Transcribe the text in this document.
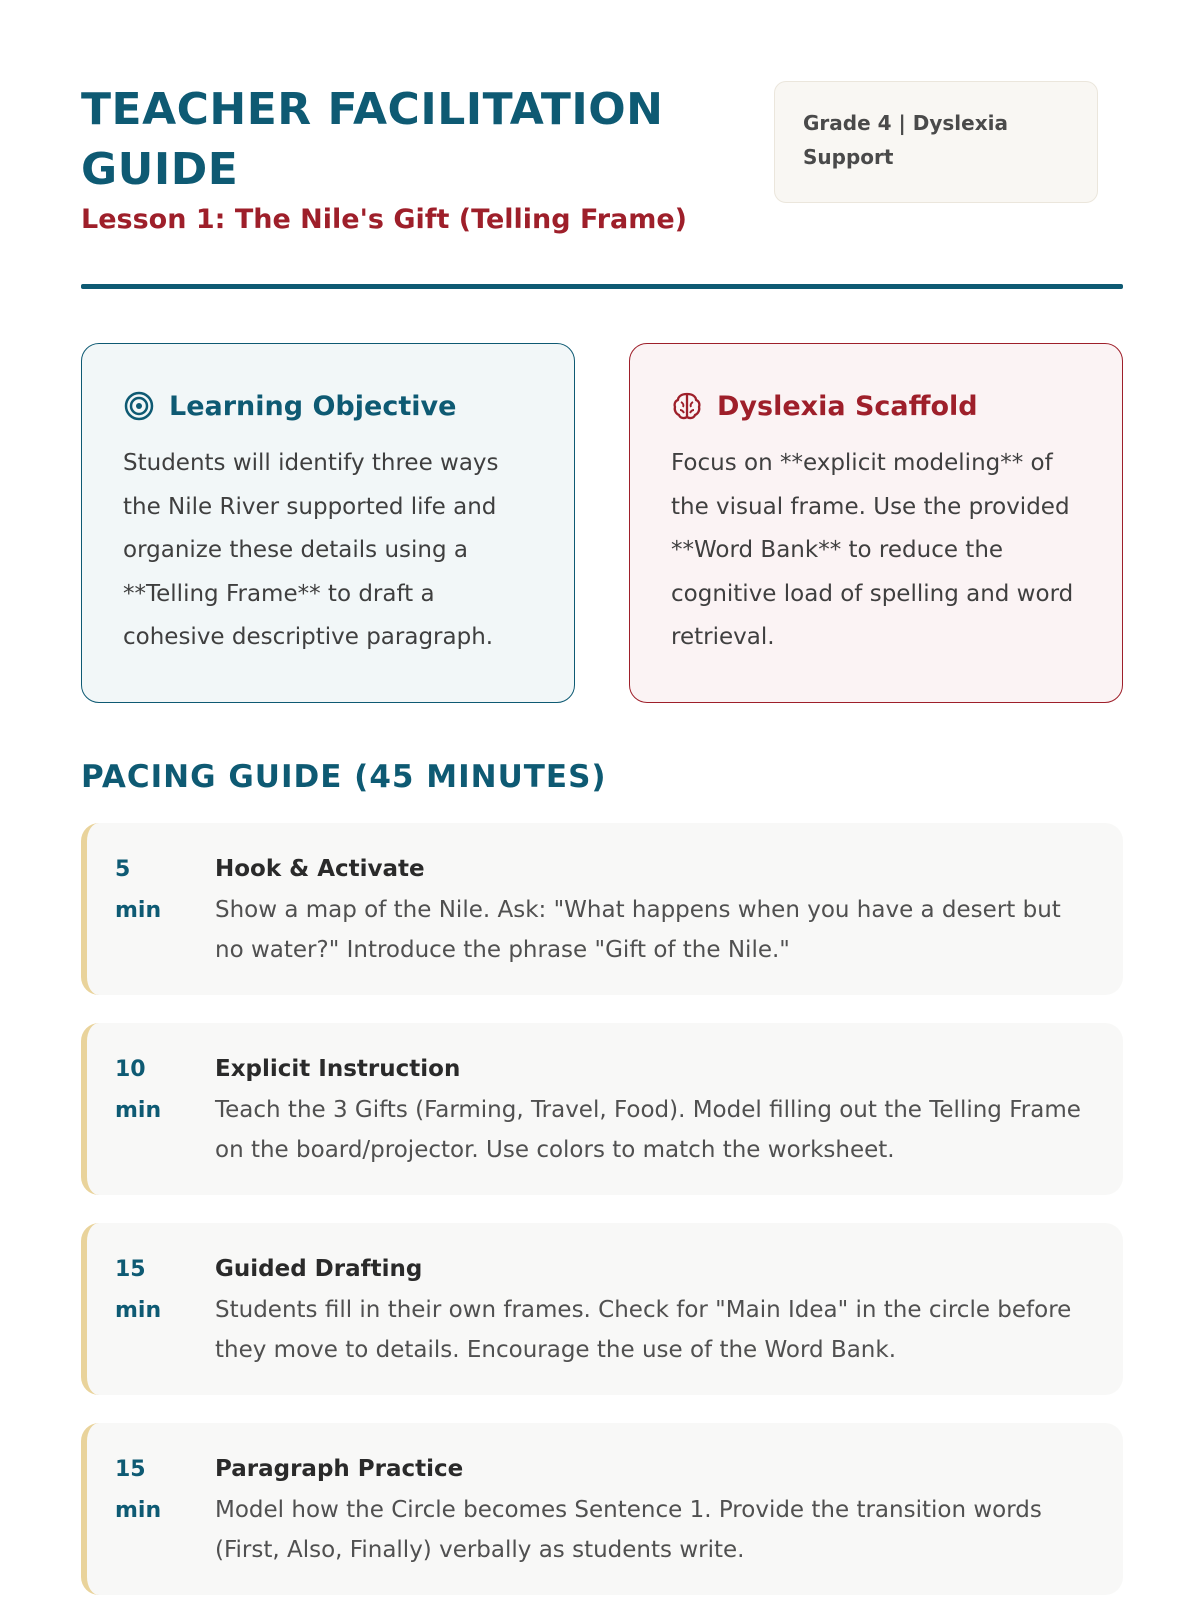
TEACHER FACILITATION
GUIDE
Lesson 1: The Nile's Gift (Telling Frame)
Grade 4 | Dyslexia
Support
Learning Objective
Students will identify three ways the Nile River supported life and organize these details using a **Telling Frame** to draft a cohesive descriptive paragraph.
Dyslexia Scaffold
Focus on **explicit modeling** of the visual frame. Use the provided **Word Bank** to reduce the cognitive load of spelling and word retrieval.
PACING GUIDE (45 MINUTES)
5
min
Hook & Activate
Show a map of the Nile. Ask: "What happens when you have a desert but no water?" Introduce the phrase "Gift of the Nile."
10
min
Explicit Instruction
Teach the 3 Gifts (Farming, Travel, Food). Model filling out the Telling Frame on the board/projector. Use colors to match the worksheet.
15
min
Guided Drafting
Students fill in their own frames. Check for "Main Idea" in the circle before they move to details. Encourage the use of the Word Bank.
15
min
Paragraph Practice
Model how the Circle becomes Sentence 1. Provide the transition words (First, Also, Finally) verbally as students write.
